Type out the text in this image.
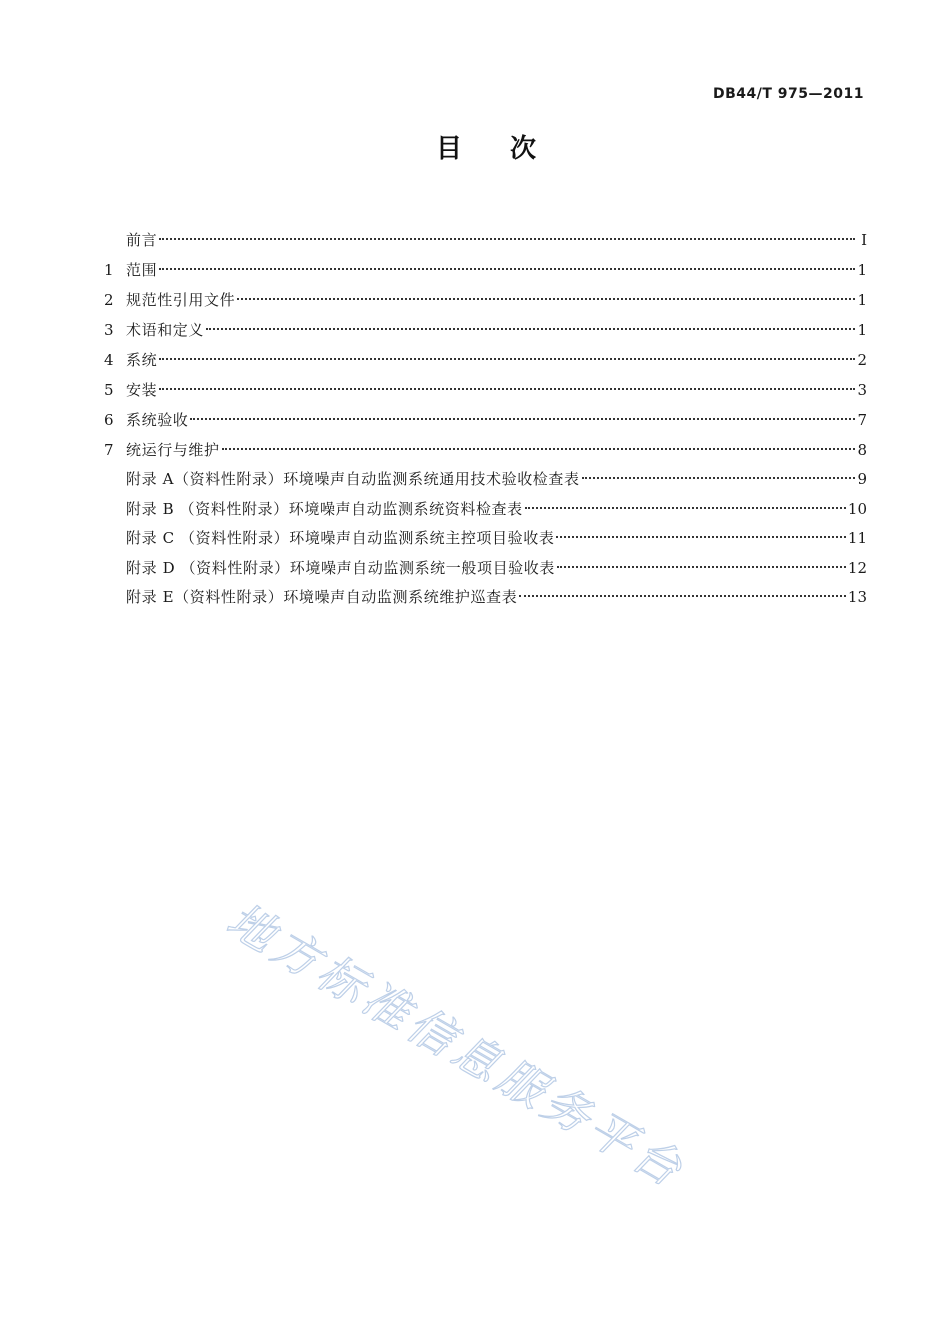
DB44/T 975—2011
目次
前言	I
1 范围	1
2 规范性引用文件	1
3 术语和定义	1
4 系统	2
5 安装	3
6 系统验收	7
7 统运行与维护	8
附录 A（资料性附录）环境噪声自动监测系统通用技术验收检查表	9
附录 B （资料性附录）环境噪声自动监测系统资料检查表	10
附录 C （资料性附录）环境噪声自动监测系统主控项目验收表	11
附录 D （资料性附录）环境噪声自动监测系统一般项目验收表	12
附录 E（资料性附录）环境噪声自动监测系统维护巡查表	13
地方标准信息服务平台
